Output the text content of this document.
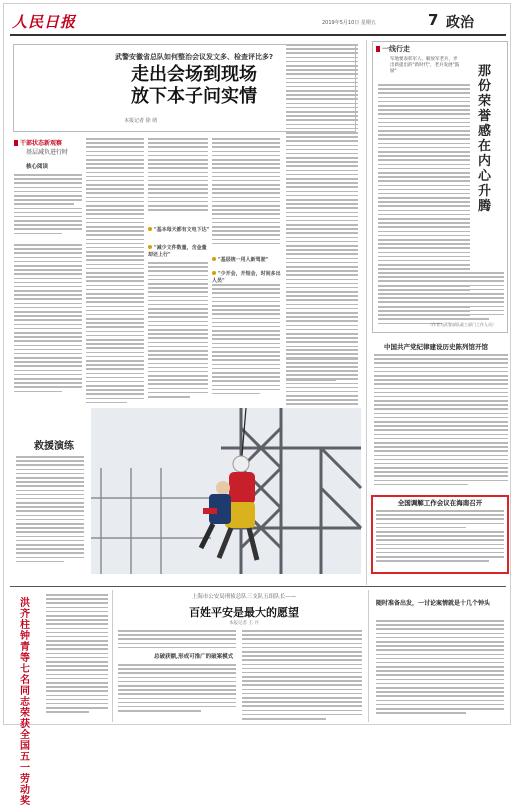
人民日报	2019年5月10日 星期五	7 政治
武警安徽省总队如何整治会议发文多、检查评比多?
走出会场到现场
放下本子问实情
本报记者 徐 靖
干部状态新观察
基层减负进行时
核心阅读
"基本每天都有文电下达"
"减少文件数量，含金量却还上行"
"基层统一用人新驾驶"
"少开会，开短会，时间多出人员"
一线行走
军地要表彰军人、解放军老兵，弄出新提出的"新时代"，老兵发展"鼓励"	那份荣誉感在内心升腾
（作者为武警部队政工部门工作人员）
中国共产党纪律建设历史陈列馆开馆
救援演练
全国调解工作会议在海南召开
洪齐柱钟青等七名同志荣获全国五一劳动奖
上海市公安局刑侦总队三支队五组队长——
百姓平安是最大的愿望
本报记者 王 丹
总破获额,形成可推广的破案模式
随时准备出发，一讨论案情就是十几个钟头
